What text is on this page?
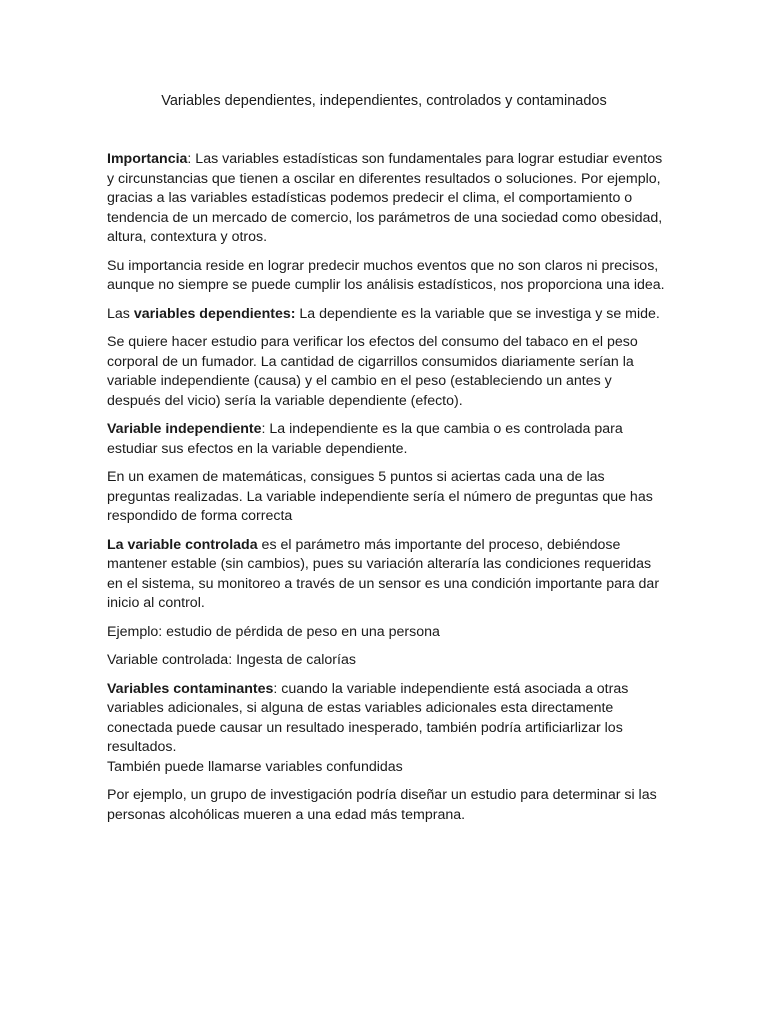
Variables dependientes, independientes, controlados y contaminados

Importancia: Las variables estadísticas son fundamentales para lograr estudiar eventos y circunstancias que tienen a oscilar en diferentes resultados o soluciones. Por ejemplo, gracias a las variables estadísticas podemos predecir el clima, el comportamiento o tendencia de un mercado de comercio, los parámetros de una sociedad como obesidad, altura, contextura y otros.

Su importancia reside en lograr predecir muchos eventos que no son claros ni precisos, aunque no siempre se puede cumplir los análisis estadísticos, nos proporciona una idea.

Las variables dependientes: La dependiente es la variable que se investiga y se mide.

Se quiere hacer estudio para verificar los efectos del consumo del tabaco en el peso corporal de un fumador. La cantidad de cigarrillos consumidos diariamente serían la variable independiente (causa) y el cambio en el peso (estableciendo un antes y después del vicio) sería la variable dependiente (efecto).

Variable independiente: La independiente es la que cambia o es controlada para estudiar sus efectos en la variable dependiente.

En un examen de matemáticas, consigues 5 puntos si aciertas cada una de las preguntas realizadas. La variable independiente sería el número de preguntas que has respondido de forma correcta

La variable controlada es el parámetro más importante del proceso, debiéndose mantener estable (sin cambios), pues su variación alteraría las condiciones requeridas en el sistema, su monitoreo a través de un sensor es una condición importante para dar inicio al control.

Ejemplo: estudio de pérdida de peso en una persona

Variable controlada: Ingesta de calorías

Variables contaminantes: cuando la variable independiente está asociada a otras variables adicionales, si alguna de estas variables adicionales esta directamente conectada puede causar un resultado inesperado, también podría artificiarlizar los resultados.

También puede llamarse variables confundidas

Por ejemplo, un grupo de investigación podría diseñar un estudio para determinar si las personas alcohólicas mueren a una edad más temprana.
